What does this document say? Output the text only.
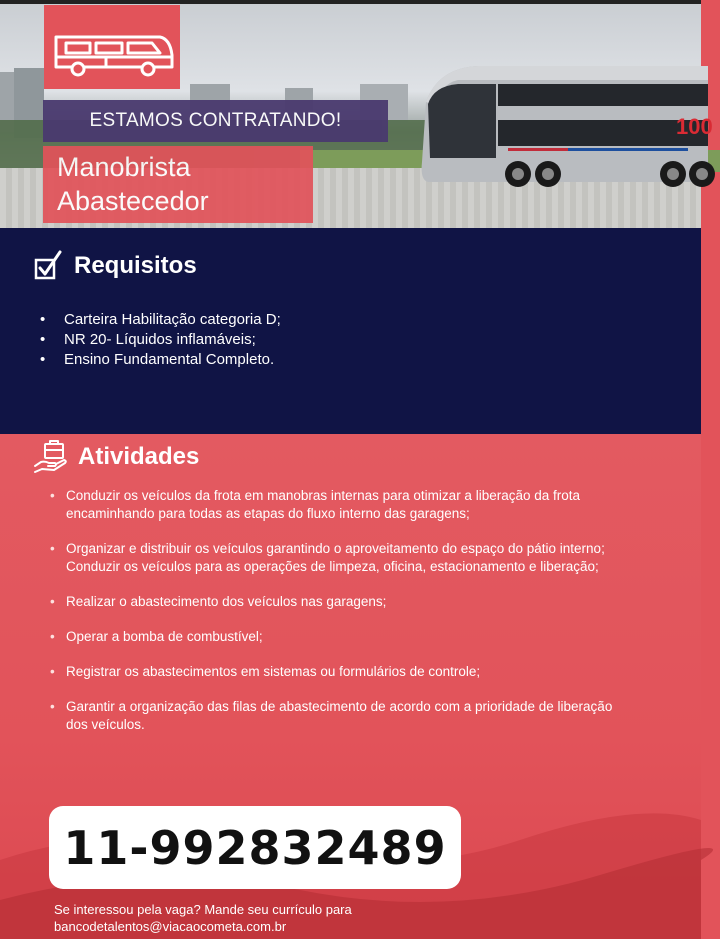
100
ESTAMOS CONTRATANDO!
Manobrista
Abastecedor
Requisitos
• Carteira Habilitação categoria D;
• NR 20- Líquidos inflamáveis;
• Ensino Fundamental Completo.
Atividades
• Conduzir os veículos da frota em manobras internas para otimizar a liberação da frota encaminhando para todas as etapas do fluxo interno das garagens;
• Organizar e distribuir os veículos garantindo o aproveitamento do espaço do pátio interno; Conduzir os veículos para as operações de limpeza, oficina, estacionamento e liberação;
• Realizar o abastecimento dos veículos nas garagens;
• Operar a bomba de combustível;
• Registrar os abastecimentos em sistemas ou formulários de controle;
• Garantir a organização das filas de abastecimento de acordo com a prioridade de liberação dos veículos.
11-992832489
Se interessou pela vaga? Mande seu currículo para
bancodetalentos@viacaocometa.com.br
